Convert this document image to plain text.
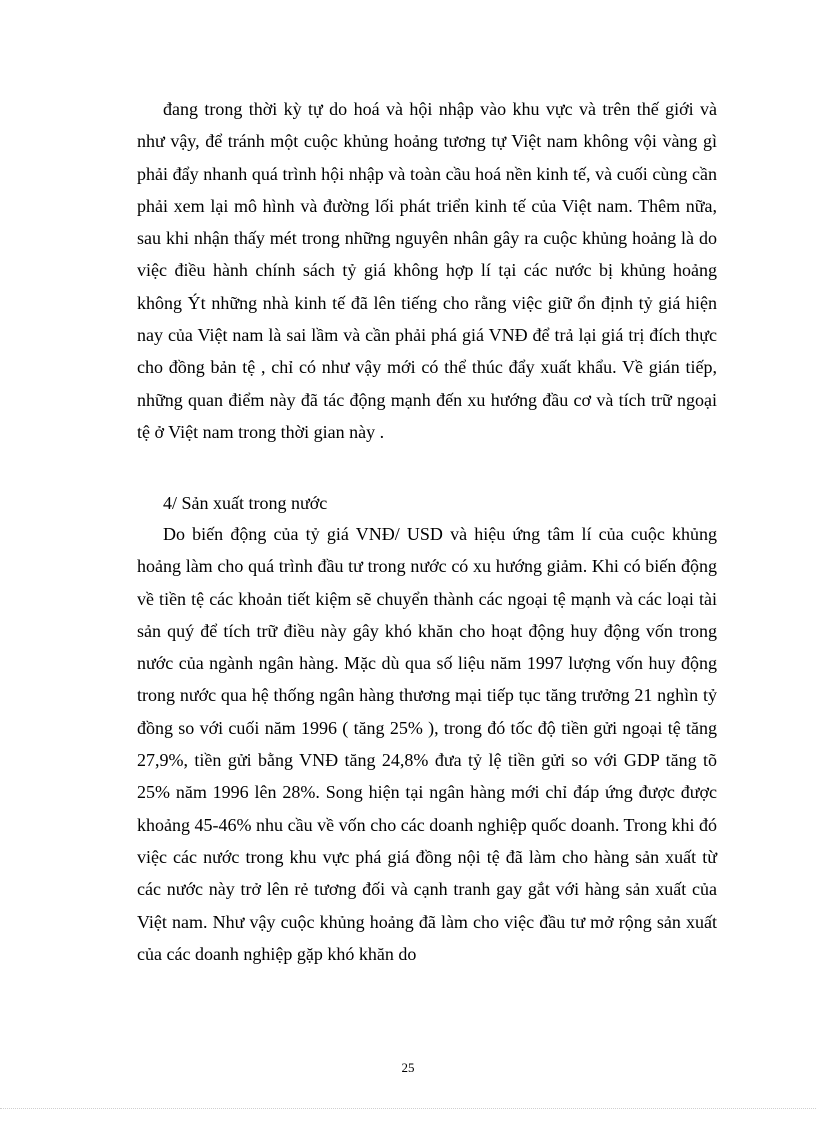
đang trong thời kỳ tự do hoá và hội nhập vào khu vực và trên thế giới và như vậy, để tránh một cuộc khủng hoảng tương tự Việt nam không vội vàng gì phải đẩy nhanh quá trình hội nhập và toàn cầu hoá nền kinh tế, và cuối cùng cần phải xem lại mô hình và đường lối phát triển kinh tế của Việt nam. Thêm nữa, sau khi nhận thấy mét trong những nguyên nhân gây ra cuộc khủng hoảng là do việc điều hành chính sách tỷ giá không hợp lí tại các nước bị khủng hoảng không Ýt những nhà kinh tế đã lên tiếng cho rằng việc giữ ổn định tỷ giá hiện nay của Việt nam là sai lầm và cần phải phá giá VNĐ để trả lại giá trị đích thực cho đồng bản tệ , chỉ có như vậy mới có thể thúc đẩy xuất khẩu. Về gián tiếp, những quan điểm này đã tác động mạnh đến xu hướng đầu cơ và tích trữ ngoại tệ ở Việt nam trong thời gian này .

4/ Sản xuất trong nước

Do biến động của tỷ giá VNĐ/ USD và hiệu ứng tâm lí của cuộc khủng hoảng làm cho quá trình đầu tư trong nước có xu hướng giảm. Khi có biến động về tiền tệ các khoản tiết kiệm sẽ chuyển thành các ngoại tệ mạnh và các loại tài sản quý để tích trữ điều này gây khó khăn cho hoạt động huy động vốn trong nước của ngành ngân hàng. Mặc dù qua số liệu năm 1997 lượng vốn huy động trong nước qua hệ thống ngân hàng thương mại tiếp tục tăng trưởng 21 nghìn tỷ đồng so với cuối năm 1996 ( tăng 25% ), trong đó tốc độ tiền gửi ngoại tệ tăng 27,9%, tiền gửi bằng VNĐ tăng 24,8% đưa tỷ lệ tiền gửi so với GDP tăng tõ 25% năm 1996 lên 28%. Song hiện tại ngân hàng mới chỉ đáp ứng được được khoảng 45-46% nhu cầu về vốn cho các doanh nghiệp quốc doanh. Trong khi đó việc các nước trong khu vực phá giá đồng nội tệ đã làm cho hàng sản xuất từ các nước này trở lên rẻ tương đối và cạnh tranh gay gắt với hàng sản xuất của Việt nam. Như vậy cuộc khủng hoảng đã làm cho việc đầu tư mở rộng sản xuất của các doanh nghiệp gặp khó khăn do

25
